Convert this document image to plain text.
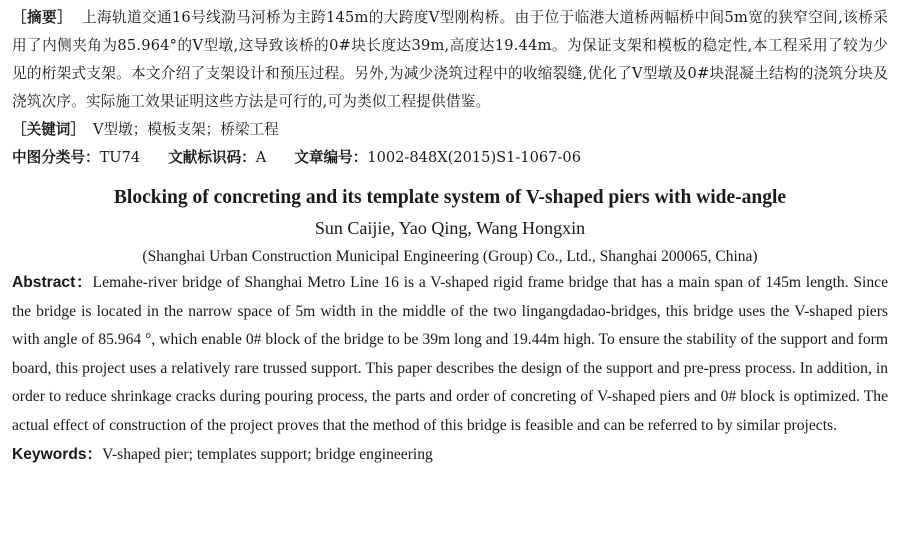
［摘要］ 上海轨道交通16号线泐马河桥为主跨145m的大跨度V型刚构桥。由于位于临港大道桥两幅桥中间5m宽的狭窄空间,该桥采用了内侧夹角为85.964°的V型墩,这导致该桥的0#块长度达39m,高度达19.44m。为保证支架和模板的稳定性,本工程采用了较为少见的桁架式支架。本文介绍了支架设计和预压过程。另外,为减少浇筑过程中的收缩裂缝,优化了V型墩及0#块混凝土结构的浇筑分块及浇筑次序。实际施工效果证明这些方法是可行的,可为类似工程提供借鉴。

［关键词］ V型墩；模板支架；桥梁工程

中图分类号：TU74 文献标识码：A 文章编号：1002-848X(2015)S1-1067-06

Blocking of concreting and its template system of V-shaped piers with wide-angle
Sun Caijie, Yao Qing, Wang Hongxin
(Shanghai Urban Construction Municipal Engineering (Group) Co., Ltd., Shanghai 200065, China)

Abstract：Lemahe-river bridge of Shanghai Metro Line 16 is a V-shaped rigid frame bridge that has a main span of 145m length. Since the bridge is located in the narrow space of 5m width in the middle of the two lingangdadao-bridges, this bridge uses the V-shaped piers with angle of 85.964 °, which enable 0# block of the bridge to be 39m long and 19.44m high. To ensure the stability of the support and form board, this project uses a relatively rare trussed support. This paper describes the design of the support and pre-press process. In addition, in order to reduce shrinkage cracks during pouring process, the parts and order of concreting of V-shaped piers and 0# block is optimized. The actual effect of construction of the project proves that the method of this bridge is feasible and can be referred to by similar projects.

Keywords：V-shaped pier; templates support; bridge engineering
